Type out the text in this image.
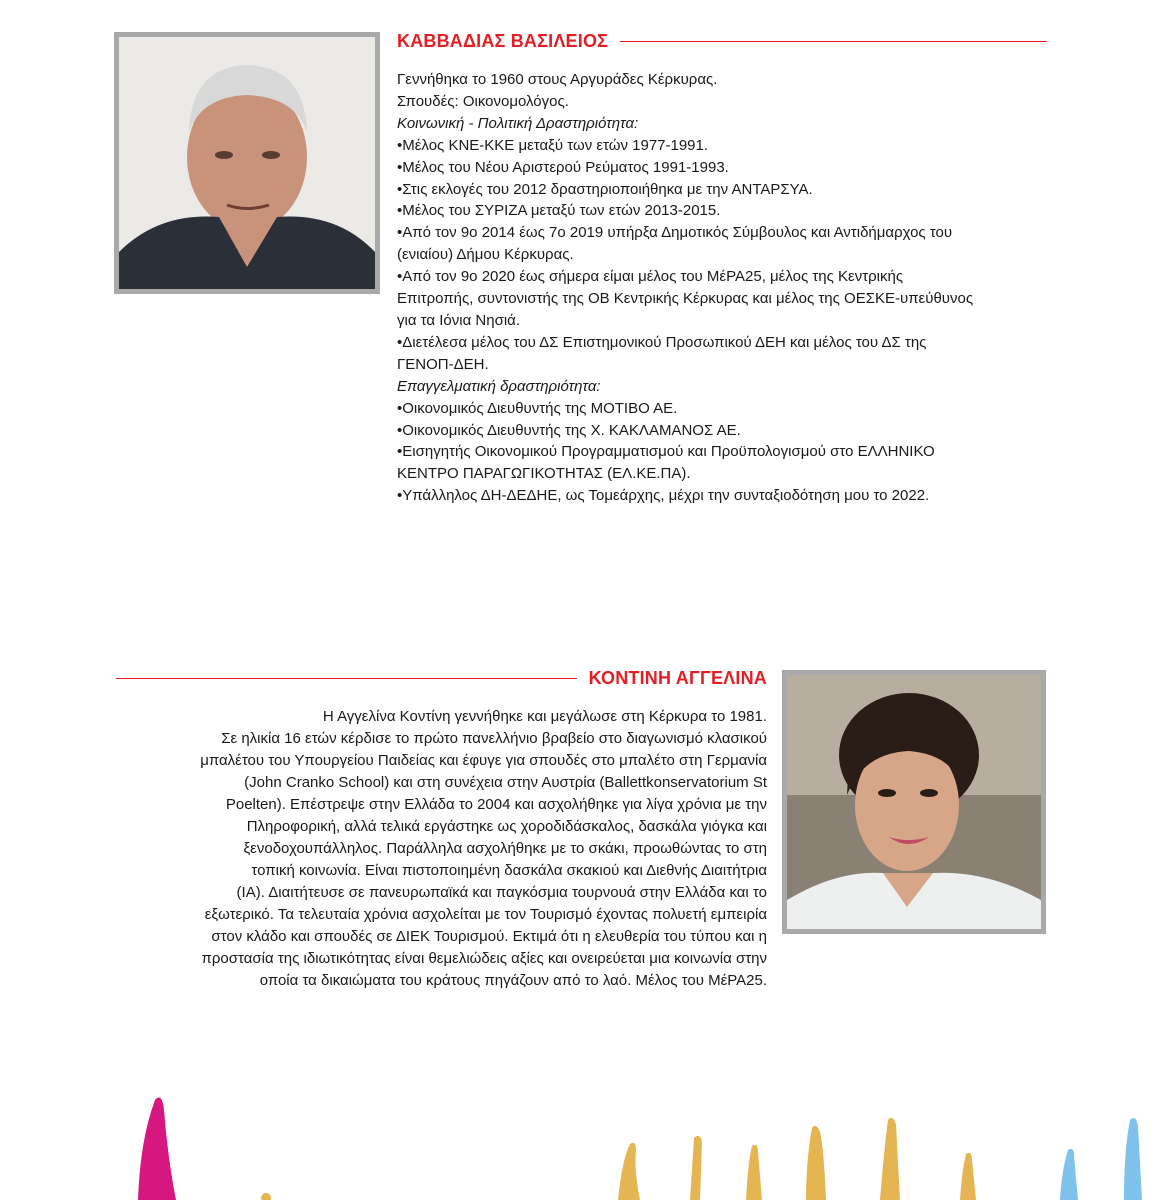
ΚΑΒΒΑΔΙΑΣ ΒΑΣΙΛΕΙΟΣ
Γεννήθηκα το 1960 στους Αργυράδες Κέρκυρας.
Σπουδές: Οικονομολόγος.
Κοινωνική - Πολιτική Δραστηριότητα:
•Μέλος ΚΝΕ-ΚΚΕ μεταξύ των ετών 1977-1991.
•Μέλος του Νέου Αριστερού Ρεύματος 1991-1993.
•Στις εκλογές του 2012 δραστηριοποιήθηκα με την ΑΝΤΑΡΣΥΑ.
•Μέλος του ΣΥΡΙΖΑ μεταξύ των ετών 2013-2015.
•Από τον 9ο 2014 έως 7ο 2019 υπήρξα Δημοτικός Σύμβουλος και Αντιδήμαρχος του
(ενιαίου) Δήμου Κέρκυρας.
•Από τον 9ο 2020 έως σήμερα είμαι μέλος του ΜέΡΑ25, μέλος της Κεντρικής
Επιτροπής, συντονιστής της ΟΒ Κεντρικής Κέρκυρας και μέλος της ΟΕΣΚΕ-υπεύθυνος
για τα Ιόνια Νησιά.
•Διετέλεσα μέλος του ΔΣ Επιστημονικού Προσωπικού ΔΕΗ και μέλος του ΔΣ της
ΓΕΝΟΠ-ΔΕΗ.
Επαγγελματική δραστηριότητα:
•Οικονομικός Διευθυντής της ΜΟΤΙΒΟ ΑΕ.
•Οικονομικός Διευθυντής της Χ. ΚΑΚΛΑΜΑΝΟΣ ΑΕ.
•Εισηγητής Οικονομικού Προγραμματισμού και Προϋπολογισμού στο ΕΛΛΗΝΙΚΟ
ΚΕΝΤΡΟ ΠΑΡΑΓΩΓΙΚΟΤΗΤΑΣ (ΕΛ.ΚΕ.ΠΑ).
•Υπάλληλος ΔΗ-ΔΕΔΗΕ, ως Τομεάρχης, μέχρι την συνταξιοδότηση μου το 2022.
ΚΟΝΤΙΝΗ ΑΓΓΕΛΙΝΑ
Η Αγγελίνα Κοντίνη γεννήθηκε και μεγάλωσε στη Κέρκυρα το 1981.
Σε ηλικία 16 ετών κέρδισε το πρώτο πανελλήνιο βραβείο στο διαγωνισμό κλασικού
μπαλέτου του Υπουργείου Παιδείας και έφυγε για σπουδές στο μπαλέτο στη Γερμανία
(John Cranko School) και στη συνέχεια στην Αυστρία (Ballettkonservatorium St
Poelten). Επέστρεψε στην Ελλάδα το 2004 και ασχολήθηκε για λίγα χρόνια με την
Πληροφορική, αλλά τελικά εργάστηκε ως χοροδιδάσκαλος, δασκάλα γιόγκα και
ξενοδοχουπάλληλος. Παράλληλα ασχολήθηκε με το σκάκι, προωθώντας το στη
τοπική κοινωνία. Είναι πιστοποιημένη δασκάλα σκακιού και Διεθνής Διαιτήτρια
(ΙΑ). Διαιτήτευσε σε πανευρωπαϊκά και παγκόσμια τουρνουά στην Ελλάδα και το
εξωτερικό. Τα τελευταία χρόνια ασχολείται με τον Τουρισμό έχοντας πολυετή εμπειρία
στον κλάδο και σπουδές σε ΔΙΕΚ Τουρισμού. Εκτιμά ότι η ελευθερία του τύπου και η
προστασία της ιδιωτικότητας είναι θεμελιώδεις αξίες και ονειρεύεται μια κοινωνία στην
οποία τα δικαιώματα του κράτους πηγάζουν από το λαό. Μέλος του ΜέΡΑ25.
